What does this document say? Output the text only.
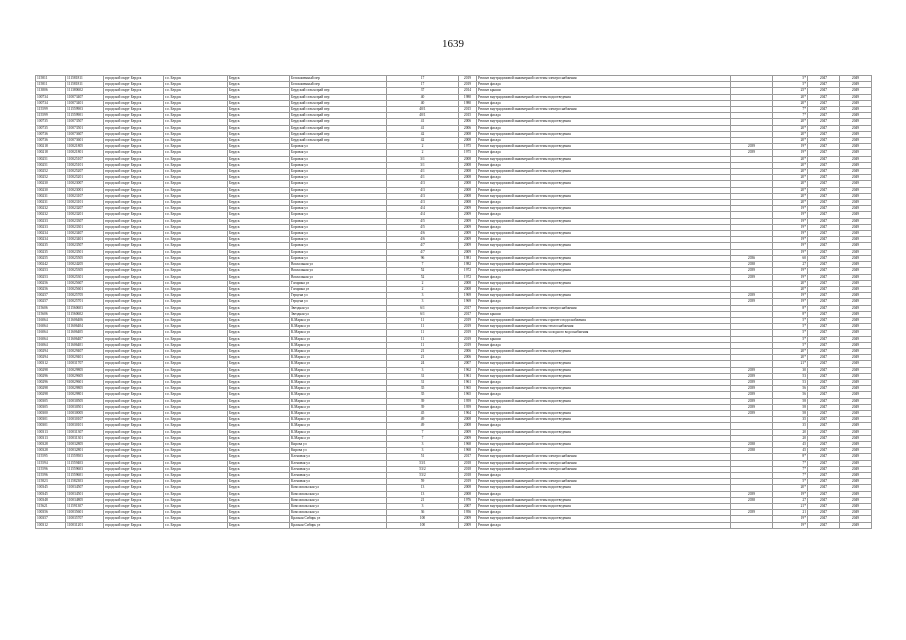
1639
115811	111581811	городской округ Бердск	г.о. Бердск	Бердск	Белокаменный пер	17	2019	Ремонт внутридомовой инженерной системы электроснабжения		5*	2047	2049
115811	111581811	городской округ Бердск	г.о. Бердск	Бердск	Белокаменный пер	17	2019	Ремонт фасада		5*	2047	2049
113806	111380602	городской округ Бердск	г.о. Бердск	Бердск	Бердский сельхозрай пер	37	2014	Ремонт крыши		25*	2047	2049
100734	110073407	городской округ Бердск	г.о. Бердск	Бердск	Бердский сельхозрай пер	40	1980	Ремонт внутридомовой инженерной системы водоотведения		20*	2047	2049
100734	110073401	городской округ Бердск	г.о. Бердск	Бердск	Бердский сельхозрай пер	40	1980	Ремонт фасада		20*	2047	2049
115599	111559903	городской округ Бердск	г.о. Бердск	Бердск	Бердский сельхозрай пер	40/1	2015	Ремонт внутридомовой инженерной системы электроснабжения		7*	2047	2049
115599	111559901	городской округ Бердск	г.о. Бердск	Бердск	Бердский сельхозрай пер	40/1	2015	Ремонт фасада		7*	2047	2049
100735	110073507	городской округ Бердск	г.о. Бердск	Бердск	Бердский сельхозрай пер	41	2006	Ремонт внутридомовой инженерной системы водоотведения		20*	2047	2049
100735	110073501	городской округ Бердск	г.о. Бердск	Бердск	Бердский сельхозрай пер	41	2006	Ремонт фасада		20*	2047	2049
100736	110073607	городской округ Бердск	г.о. Бердск	Бердск	Бердский сельхозрай пер	42	2008	Ремонт внутридомовой инженерной системы водоотведения		20*	2047	2049
100736	110073601	городской округ Бердск	г.о. Бердск	Бердск	Бердский сельхозрай пер	42	2008	Ремонт фасада		20*	2047	2049
100218	110021805	городской округ Бердск	г.о. Бердск	Бердск	Боровая ул	2	1975	Ремонт внутридомовой инженерной системы водоотведения	2039	19*	2047	2049
100218	110021801	городской округ Бердск	г.о. Бердск	Бердск	Боровая ул	2	1975	Ремонт фасада	2039	19*	2047	2049
100251	110025107	городской округ Бердск	г.о. Бердск	Бердск	Боровая ул	3/1	2008	Ремонт внутридомовой инженерной системы водоотведения		20*	2047	2049
100251	110025101	городской округ Бердск	г.о. Бердск	Бердск	Боровая ул	3/1	2008	Ремонт фасада		20*	2047	2049
100252	110025207	городской округ Бердск	г.о. Бердск	Бердск	Боровая ул	4/1	2008	Ремонт внутридомовой инженерной системы водоотведения		20*	2047	2049
100252	110025201	городской округ Бердск	г.о. Бердск	Бердск	Боровая ул	4/1	2008	Ремонт фасада		20*	2047	2049
100230	110023007	городской округ Бердск	г.о. Бердск	Бердск	Боровая ул	4/3	2008	Ремонт внутридомовой инженерной системы водоотведения		20*	2047	2049
100230	110023001	городской округ Бердск	г.о. Бердск	Бердск	Боровая ул	4/3	2008	Ремонт фасада		20*	2047	2049
100231	110023107	городской округ Бердск	г.о. Бердск	Бердск	Боровая ул	4/3	2008	Ремонт внутридомовой инженерной системы водоотведения		20*	2047	2049
100231	110023101	городской округ Бердск	г.о. Бердск	Бердск	Боровая ул	4/3	2008	Ремонт фасада		20*	2047	2049
100232	110023207	городской округ Бердск	г.о. Бердск	Бердск	Боровая ул	4/4	2009	Ремонт внутридомовой инженерной системы водоотведения		19*	2047	2049
100232	110023201	городской округ Бердск	г.о. Бердск	Бердск	Боровая ул	4/4	2009	Ремонт фасада		19*	2047	2049
100233	110023307	городской округ Бердск	г.о. Бердск	Бердск	Боровая ул	4/5	2009	Ремонт внутридомовой инженерной системы водоотведения		19*	2047	2049
100233	110023301	городской округ Бердск	г.о. Бердск	Бердск	Боровая ул	4/5	2009	Ремонт фасада		19*	2047	2049
100234	110023407	городской округ Бердск	г.о. Бердск	Бердск	Боровая ул	4/6	2009	Ремонт внутридомовой инженерной системы водоотведения		19*	2047	2049
100234	110023401	городской округ Бердск	г.о. Бердск	Бердск	Боровая ул	4/6	2009	Ремонт фасада		19*	2047	2049
100235	110023507	городской округ Бердск	г.о. Бердск	Бердск	Боровая ул	4/7	2009	Ремонт внутридомовой инженерной системы водоотведения		19*	2047	2049
100235	110023501	городской округ Бердск	г.о. Бердск	Бердск	Боровая ул	4/7	2009	Ремонт фасада		19*	2047	2049
100255	110025505	городской округ Бердск	г.о. Бердск	Бердск	Боровая ул	96	1981	Ремонт внутридомовой инженерной системы водоотведения	2036	60	2047	2049
100242	110024205	городской округ Бердск	г.о. Бердск	Бердск	Вокзальная ул	7	1982	Ремонт внутридомовой инженерной системы водоотведения	2038	27	2047	2049
100253	110025305	городской округ Бердск	г.о. Бердск	Бердск	Вокзальная ул	52	1972	Ремонт внутридомовой инженерной системы водоотведения	2039	19*	2047	2049
100253	110025301	городской округ Бердск	г.о. Бердск	Бердск	Вокзальная ул	52	1972	Ремонт фасада	2039	19*	2047	2049
100256	110025607	городской округ Бердск	г.о. Бердск	Бердск	Гагарина ул	2	2008	Ремонт внутридомовой инженерной системы водоотведения		20*	2047	2049
100256	110025601	городской округ Бердск	г.о. Бердск	Бердск	Гагарина ул	2	2008	Ремонт фасада		20*	2047	2049
100257	110025705	городской округ Бердск	г.о. Бердск	Бердск	Герцена ул	3	1969	Ремонт внутридомовой инженерной системы водоотведения	2039	19*	2047	2049
100257	110025701	городской округ Бердск	г.о. Бердск	Бердск	Герцена ул	3	1969	Ремонт фасада	2039	19*	2047	2049
115606	111560603	городской округ Бердск	г.о. Бердск	Бердск	Звездная ул	6/1	2017	Ремонт внутридомовой инженерной системы электроснабжения		8*	2047	2049
115606	111560602	городской округ Бердск	г.о. Бердск	Бердск	Звездная ул	6/1	2017	Ремонт крыши		8*	2047	2049
116064	111606406	городской округ Бердск	г.о. Бердск	Бердск	К.Маркса ул	11	2019	Ремонт внутридомовой инженерной системы горячего водоснабжения		5*	2047	2049
116064	111606404	городской округ Бердск	г.о. Бердск	Бердск	К.Маркса ул	11	2019	Ремонт внутридомовой инженерной системы теплоснабжения		5*	2047	2049
116064	111606405	городской округ Бердск	г.о. Бердск	Бердск	К.Маркса ул	11	2019	Ремонт внутридомовой инженерной системы холодного водоснабжения		5*	2047	2049
116064	111606407	городской округ Бердск	г.о. Бердск	Бердск	К.Маркса ул	11	2019	Ремонт крыши		5*	2047	2049
116064	111606401	городской округ Бердск	г.о. Бердск	Бердск	К.Маркса ул	11	2019	Ремонт фасада		5*	2047	2049
100294	110029407	городской округ Бердск	г.о. Бердск	Бердск	К.Маркса ул	21	2006	Ремонт внутридомовой инженерной системы водоотведения		20*	2047	2049
100294	110029401	городской округ Бердск	г.о. Бердск	Бердск	К.Маркса ул	21	2006	Ремонт фасада		20*	2047	2049
100312	110031707	городской округ Бердск	г.о. Бердск	Бердск	К.Маркса ул	24	2007	Ремонт внутридомовой инженерной системы водоотведения		21*	2047	2049
100298	110029805	городской округ Бердск	г.о. Бердск	Бердск	К.Маркса ул	3	1962	Ремонт внутридомовой инженерной системы водоотведения	2039	30	2047	2049
100296	110029605	городской округ Бердск	г.о. Бердск	Бердск	К.Маркса ул	31	1961	Ремонт внутридомовой инженерной системы водоотведения	2039	53	2047	2049
100296	110029601	городской округ Бердск	г.о. Бердск	Бердск	К.Маркса ул	31	1961	Ремонт фасада	2039	53	2047	2049
100298	110029805	городской округ Бердск	г.о. Бердск	Бердск	К.Маркса ул	35	1965	Ремонт внутридомовой инженерной системы водоотведения	2039	56	2047	2049
100298	110029801	городской округ Бердск	г.о. Бердск	Бердск	К.Маркса ул	35	1965	Ремонт фасада	2039	56	2047	2049
100305	110030505	городской округ Бердск	г.о. Бердск	Бердск	К.Маркса ул	39	1959	Ремонт внутридомовой инженерной системы водоотведения	2039	58	2047	2049
100305	110030501	городской округ Бердск	г.о. Бердск	Бердск	К.Маркса ул	39	1959	Ремонт фасада	2039	58	2047	2049
100300	110030005	городской округ Бердск	г.о. Бердск	Бердск	К.Маркса ул	45	1964	Ремонт внутридомовой инженерной системы водоотведения	2039	58	2047	2049
100301	110030107	городской округ Бердск	г.о. Бердск	Бердск	К.Маркса ул	49	2008	Ремонт внутридомовой инженерной системы водоотведения		35	2047	2049
100301	110030101	городской округ Бердск	г.о. Бердск	Бердск	К.Маркса ул	49	2008	Ремонт фасада		35	2047	2049
100313	110031307	городской округ Бердск	г.о. Бердск	Бердск	К.Маркса ул	7	2009	Ремонт внутридомовой инженерной системы водоотведения		20	2047	2049
100313	110031301	городской округ Бердск	г.о. Бердск	Бердск	К.Маркса ул	7	2009	Ремонт фасада		20	2047	2049
100328	110032805	городской округ Бердск	г.о. Бердск	Бердск	Кирова ул	3	1968	Ремонт внутридомовой инженерной системы водоотведения	2038	45	2047	2049
100328	110032801	городской округ Бердск	г.о. Бердск	Бердск	Кирова ул	3	1968	Ремонт фасада	2038	45	2047	2049
115595	111559503	городской округ Бердск	г.о. Бердск	Бердск	Кленовая ул	51	2017	Ремонт внутридомовой инженерной системы электроснабжения		8*	2047	2049
115594	111559403	городской округ Бердск	г.о. Бердск	Бердск	Кленовая ул	53/1	2018	Ремонт внутридомовой инженерной системы электроснабжения		7*	2047	2049
115596	111559603	городской округ Бердск	г.о. Бердск	Бердск	Кленовая ул	53/2	2018	Ремонт внутридомовой инженерной системы электроснабжения		7*	2047	2049
115596	111559601	городской округ Бердск	г.о. Бердск	Бердск	Кленовая ул	53/2	2018	Ремонт фасада		7*	2047	2049
115823	111582303	городской округ Бердск	г.о. Бердск	Бердск	Кленовая ул	59	2019	Ремонт внутридомовой инженерной системы электроснабжения		5*	2047	2049
100345	110034507	городской округ Бердск	г.о. Бердск	Бердск	Комсомольская ул	13	2008	Ремонт внутридомовой инженерной системы водоотведения		20*	2047	2049
100345	110034501	городской округ Бердск	г.о. Бердск	Бердск	Комсомольская ул	13	2008	Ремонт фасада	2039	19*	2047	2049
100348	110034805	городской округ Бердск	г.о. Бердск	Бердск	Комсомольская ул	21	1976	Ремонт внутридомовой инженерной системы водоотведения	2038	27	2047	2049
115621	111591307	городской округ Бердск	г.о. Бердск	Бердск	Комсомольская ул	3	2007	Ремонт внутридомовой инженерной системы водоотведения		21*	2047	2049
100356	110035601	городской округ Бердск	г.о. Бердск	Бердск	Комсомольская ул	36	1956	Ремонт фасада	2039	21	2047	2049
100357	110035707	городской округ Бердск	г.о. Бердск	Бердск	Красная Сибирь ул	100	2009	Ремонт внутридомовой инженерной системы водоотведения		19*	2047	2049
100312	110031201	городской округ Бердск	г.о. Бердск	Бердск	Красная Сибирь ул	100	2009	Ремонт фасада		19*	2047	2049
